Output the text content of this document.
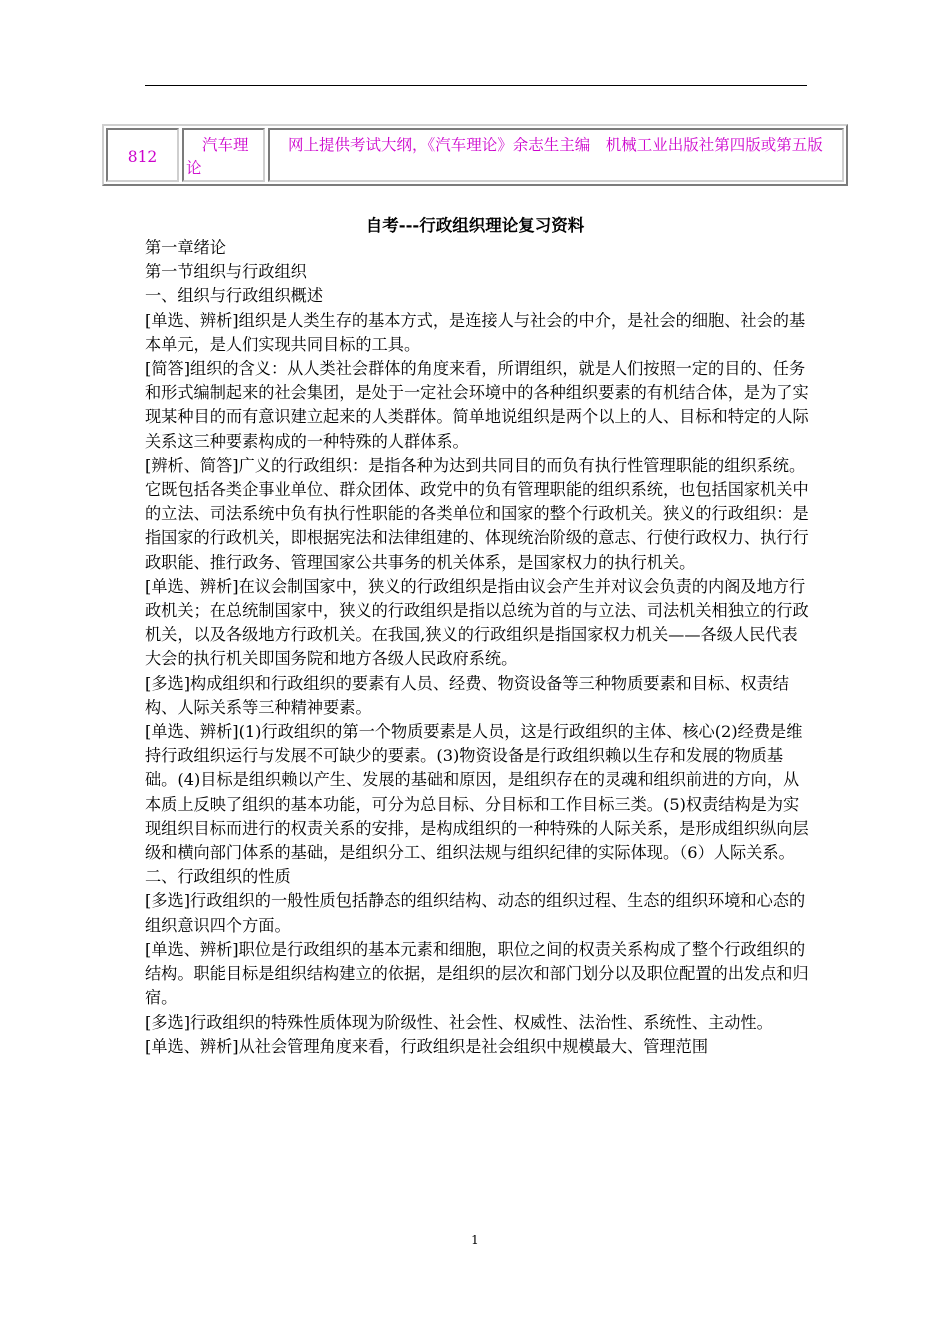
812
汽车理论
网上提供考试大纲，《汽车理论》余志生主编　机械工业出版社第四版或第五版
自考---行政组织理论复习资料

第一章绪论

第一节组织与行政组织

一、组织与行政组织概述

[单选、辨析]组织是人类生存的基本方式，是连接人与社会的中介，是社会的细胞、社会的基本单元，是人们实现共同目标的工具。

[简答]组织的含义：从人类社会群体的角度来看，所谓组织，就是人们按照一定的目的、任务和形式编制起来的社会集团，是处于一定社会环境中的各种组织要素的有机结合体，是为了实现某种目的而有意识建立起来的人类群体。简单地说组织是两个以上的人、目标和特定的人际关系这三种要素构成的一种特殊的人群体系。

[辨析、简答]广义的行政组织：是指各种为达到共同目的而负有执行性管理职能的组织系统。它既包括各类企事业单位、群众团体、政党中的负有管理职能的组织系统，也包括国家机关中的立法、司法系统中负有执行性职能的各类单位和国家的整个行政机关。狭义的行政组织：是指国家的行政机关，即根据宪法和法律组建的、体现统治阶级的意志、行使行政权力、执行行政职能、推行政务、管理国家公共事务的机关体系，是国家权力的执行机关。

[单选、辨析]在议会制国家中，狭义的行政组织是指由议会产生并对议会负责的内阁及地方行政机关；在总统制国家中，狭义的行政组织是指以总统为首的与立法、司法机关相独立的行政机关，以及各级地方行政机关。在我国,狭义的行政组织是指国家权力机关——各级人民代表大会的执行机关即国务院和地方各级人民政府系统。

[多选]构成组织和行政组织的要素有人员、经费、物资设备等三种物质要素和目标、权责结构、人际关系等三种精神要素。

[单选、辨析](1)行政组织的第一个物质要素是人员，这是行政组织的主体、核心(2)经费是维持行政组织运行与发展不可缺少的要素。(3)物资设备是行政组织赖以生存和发展的物质基础。(4)目标是组织赖以产生、发展的基础和原因，是组织存在的灵魂和组织前进的方向，从本质上反映了组织的基本功能，可分为总目标、分目标和工作目标三类。(5)权责结构是为实现组织目标而进行的权责关系的安排，是构成组织的一种特殊的人际关系，是形成组织纵向层级和横向部门体系的基础，是组织分工、组织法规与组织纪律的实际体现。（6）人际关系。

二、行政组织的性质

[多选]行政组织的一般性质包括静态的组织结构、动态的组织过程、生态的组织环境和心态的组织意识四个方面。

[单选、辨析]职位是行政组织的基本元素和细胞，职位之间的权责关系构成了整个行政组织的结构。职能目标是组织结构建立的依据，是组织的层次和部门划分以及职位配置的出发点和归宿。

[多选]行政组织的特殊性质体现为阶级性、社会性、权威性、法治性、系统性、主动性。

[单选、辨析]从社会管理角度来看，行政组织是社会组织中规模最大、管理范围

1
